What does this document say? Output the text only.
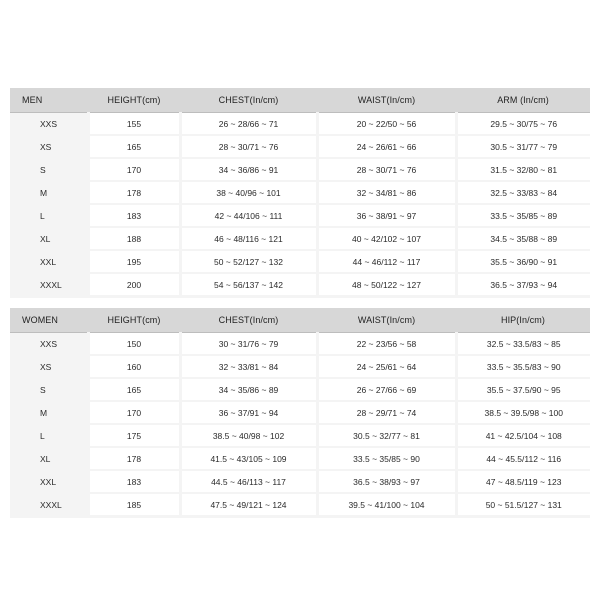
MEN	HEIGHT(cm)	CHEST(In/cm)	WAIST(In/cm)	ARM (In/cm)
XXS	155	26 ~ 28/66 ~ 71	20 ~ 22/50 ~ 56	29.5 ~ 30/75 ~ 76
XS	165	28 ~ 30/71 ~ 76	24 ~ 26/61 ~ 66	30.5 ~ 31/77 ~ 79
S	170	34 ~ 36/86 ~ 91	28 ~ 30/71 ~ 76	31.5 ~ 32/80 ~ 81
M	178	38 ~ 40/96 ~ 101	32 ~ 34/81 ~ 86	32.5 ~ 33/83 ~ 84
L	183	42 ~ 44/106 ~ 111	36 ~ 38/91 ~ 97	33.5 ~ 35/85 ~ 89
XL	188	46 ~ 48/116 ~ 121	40 ~ 42/102 ~ 107	34.5 ~ 35/88 ~ 89
XXL	195	50 ~ 52/127 ~ 132	44 ~ 46/112 ~ 117	35.5 ~ 36/90 ~ 91
XXXL	200	54 ~ 56/137 ~ 142	48 ~ 50/122 ~ 127	36.5 ~ 37/93 ~ 94
WOMEN	HEIGHT(cm)	CHEST(In/cm)	WAIST(In/cm)	HIP(In/cm)
XXS	150	30 ~ 31/76 ~ 79	22 ~ 23/56 ~ 58	32.5 ~ 33.5/83 ~ 85
XS	160	32 ~ 33/81 ~ 84	24 ~ 25/61 ~ 64	33.5 ~ 35.5/83 ~ 90
S	165	34 ~ 35/86 ~ 89	26 ~ 27/66 ~ 69	35.5 ~ 37.5/90 ~ 95
M	170	36 ~ 37/91 ~ 94	28 ~ 29/71 ~ 74	38.5 ~ 39.5/98 ~ 100
L	175	38.5 ~ 40/98 ~ 102	30.5 ~ 32/77 ~ 81	41 ~ 42.5/104 ~ 108
XL	178	41.5 ~ 43/105 ~ 109	33.5 ~ 35/85 ~ 90	44 ~ 45.5/112 ~ 116
XXL	183	44.5 ~ 46/113 ~ 117	36.5 ~ 38/93 ~ 97	47 ~ 48.5/119 ~ 123
XXXL	185	47.5 ~ 49/121 ~ 124	39.5 ~ 41/100 ~ 104	50 ~ 51.5/127 ~ 131
